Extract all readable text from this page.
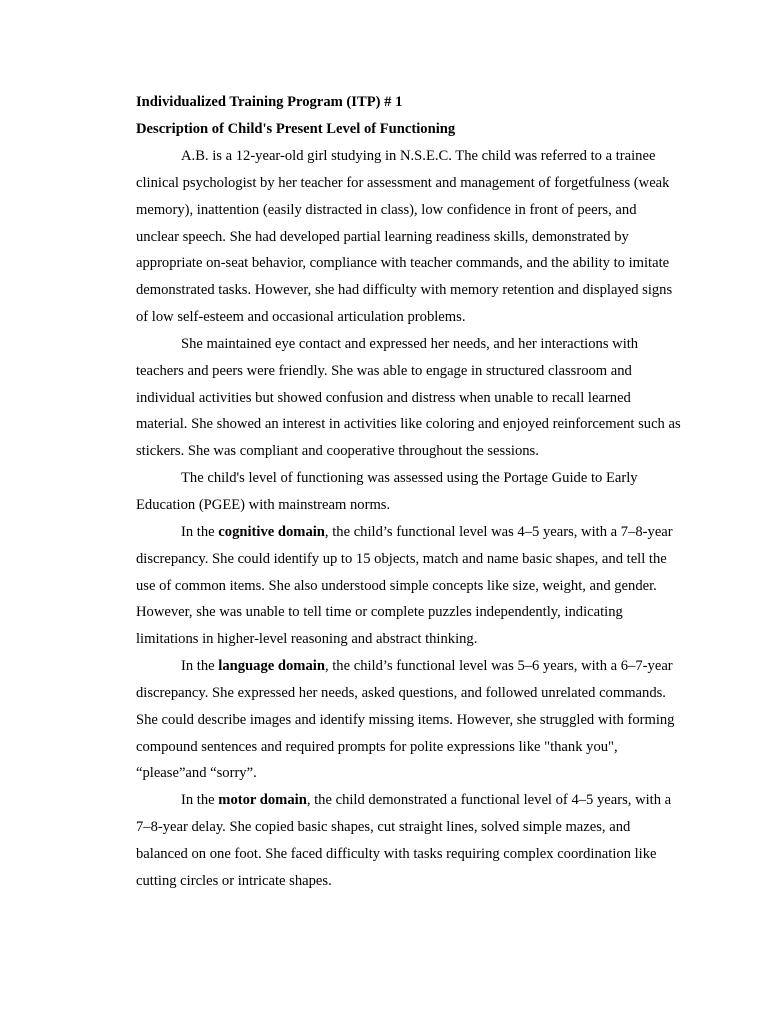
Individualized Training Program (ITP) # 1

Description of Child's Present Level of Functioning

A.B. is a 12-year-old girl studying in N.S.E.C. The child was referred to a trainee clinical psychologist by her teacher for assessment and management of forgetfulness (weak memory), inattention (easily distracted in class), low confidence in front of peers, and unclear speech. She had developed partial learning readiness skills, demonstrated by appropriate on-seat behavior, compliance with teacher commands, and the ability to imitate demonstrated tasks. However, she had difficulty with memory retention and displayed signs of low self-esteem and occasional articulation problems.

She maintained eye contact and expressed her needs, and her interactions with teachers and peers were friendly. She was able to engage in structured classroom and individual activities but showed confusion and distress when unable to recall learned material. She showed an interest in activities like coloring and enjoyed reinforcement such as stickers. She was compliant and cooperative throughout the sessions.

The child's level of functioning was assessed using the Portage Guide to Early Education (PGEE) with mainstream norms.

In the cognitive domain, the child’s functional level was 4–5 years, with a 7–8-year discrepancy. She could identify up to 15 objects, match and name basic shapes, and tell the use of common items. She also understood simple concepts like size, weight, and gender. However, she was unable to tell time or complete puzzles independently, indicating limitations in higher-level reasoning and abstract thinking.

In the language domain, the child’s functional level was 5–6 years, with a 6–7-year discrepancy. She expressed her needs, asked questions, and followed unrelated commands. She could describe images and identify missing items. However, she struggled with forming compound sentences and required prompts for polite expressions like "thank you", “please”and “sorry”.

In the motor domain, the child demonstrated a functional level of 4–5 years, with a 7–8-year delay. She copied basic shapes, cut straight lines, solved simple mazes, and balanced on one foot. She faced difficulty with tasks requiring complex coordination like cutting circles or intricate shapes.
